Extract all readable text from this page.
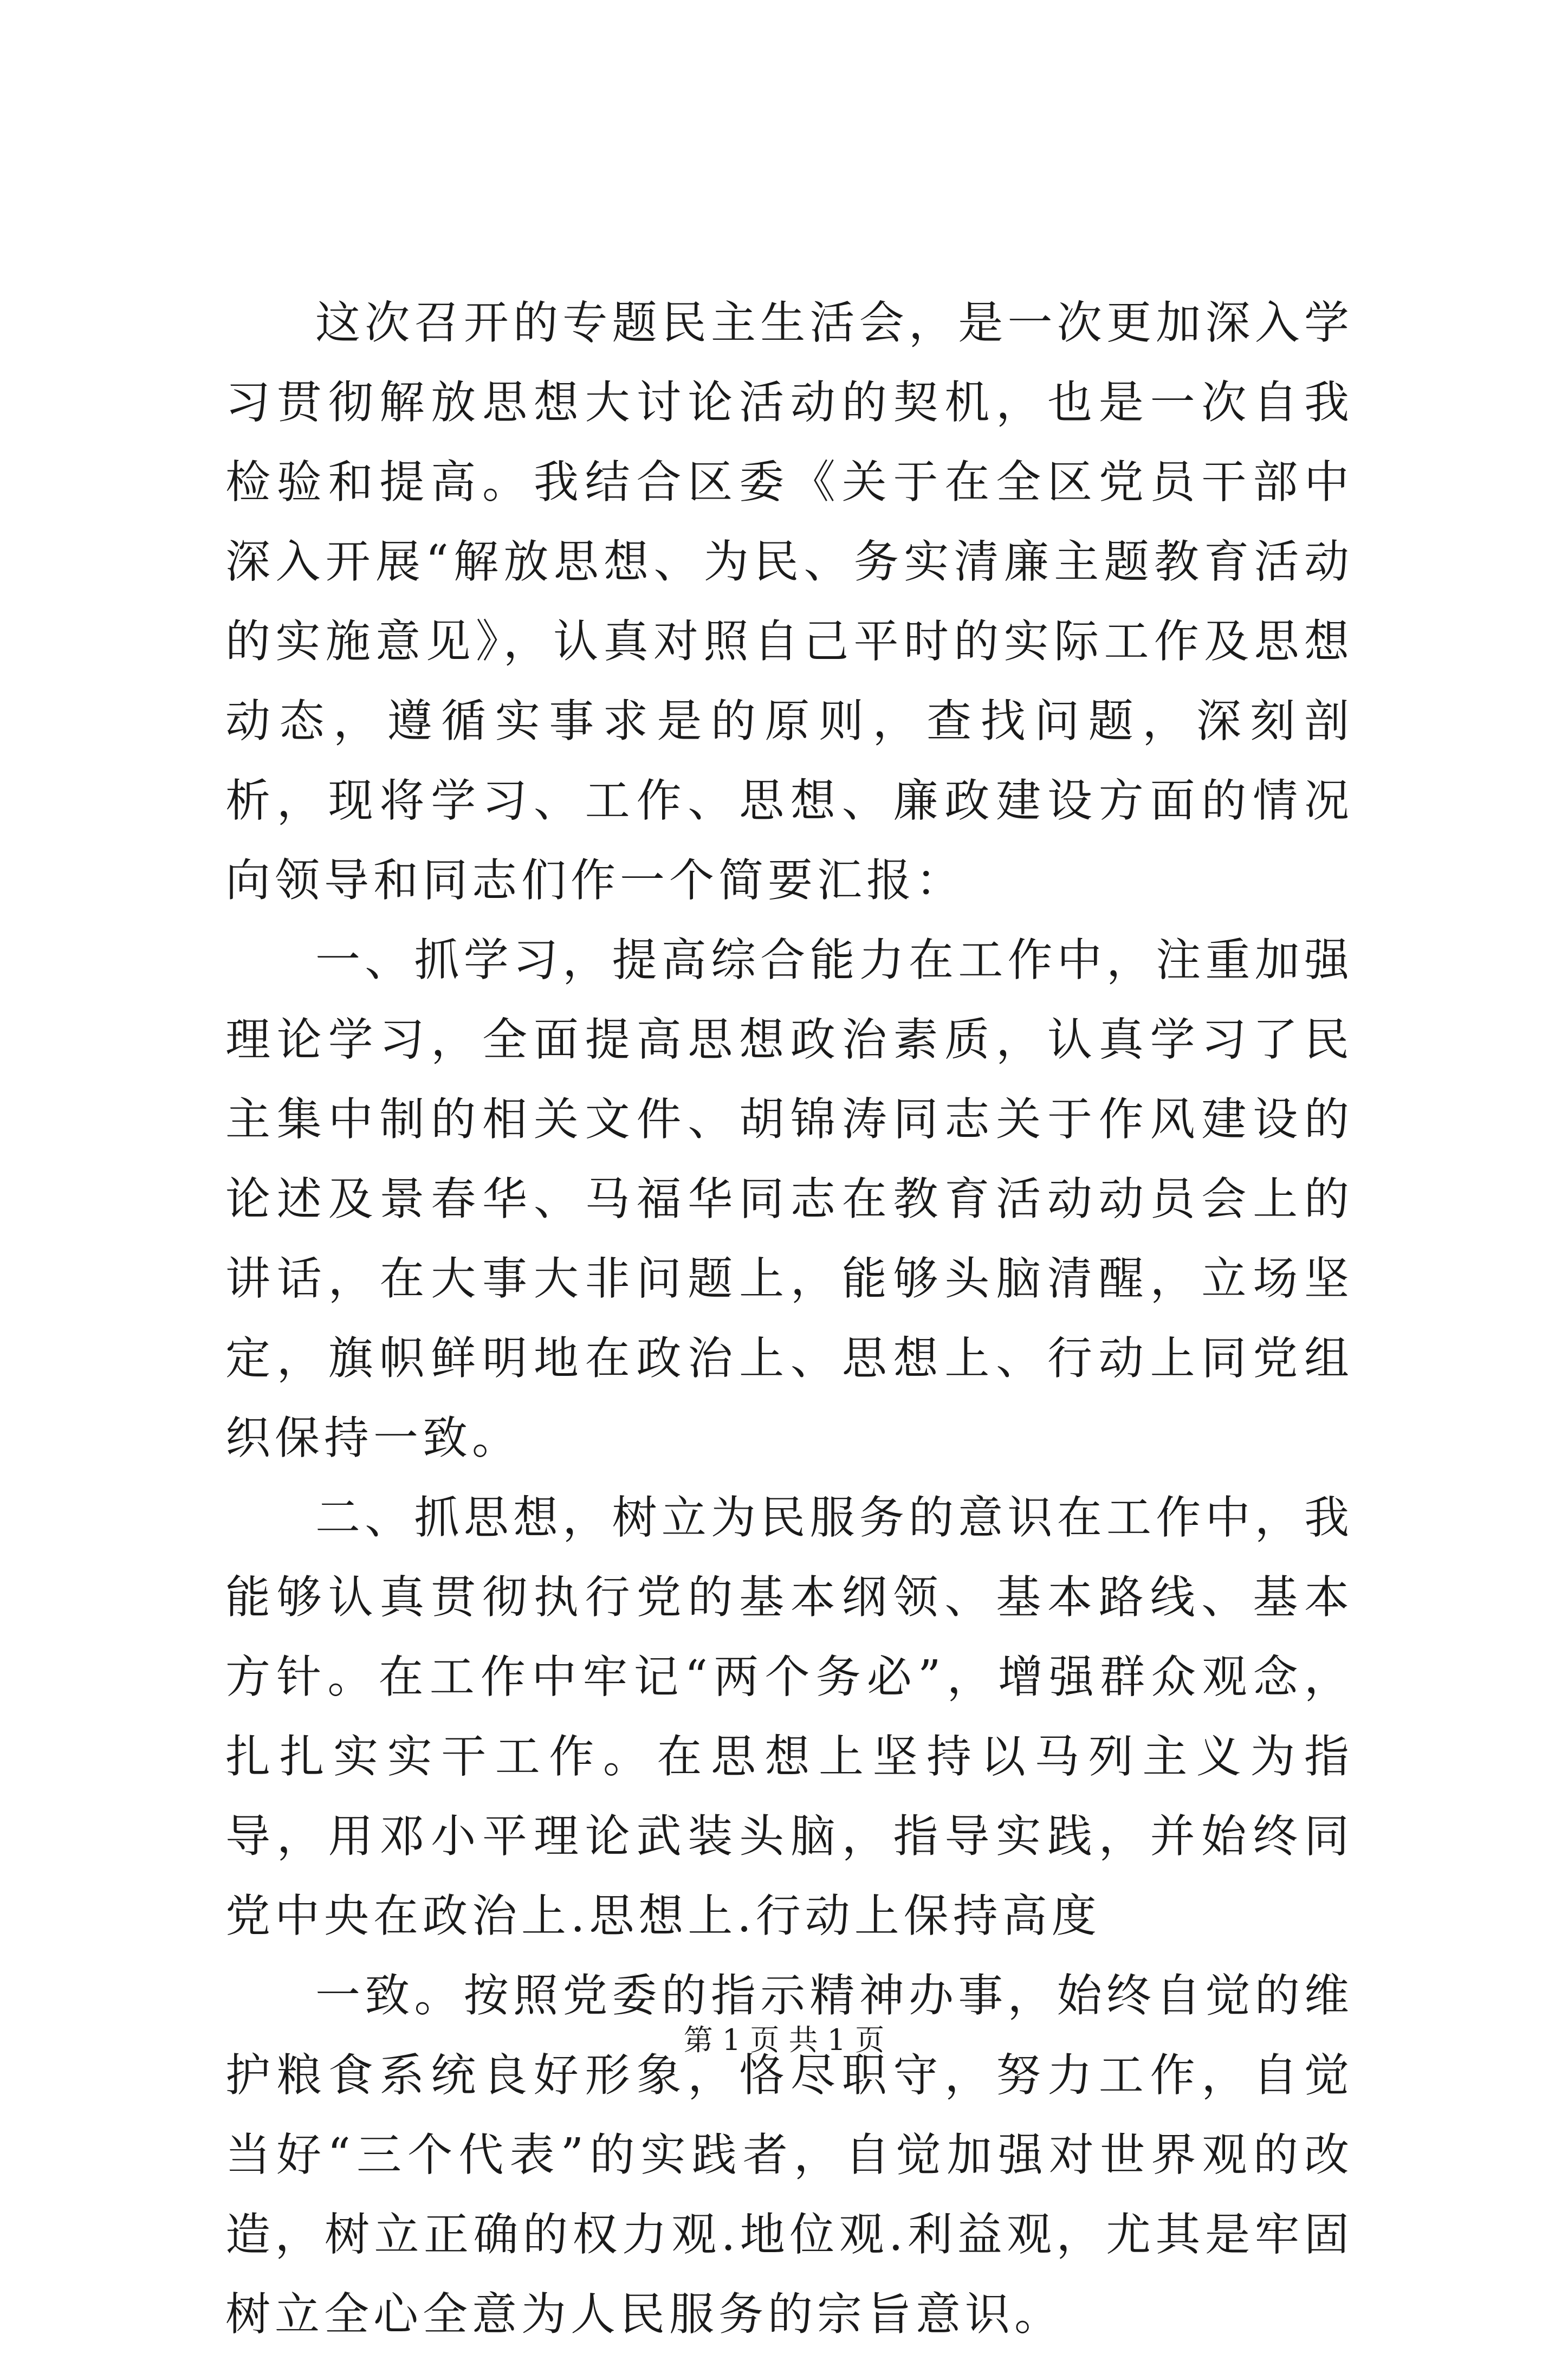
这次召开的专题民主生活会，是一次更加深入学习贯彻解放思想大讨论活动的契机，也是一次自我检验和提高。我结合区委《关于在全区党员干部中深入开展“解放思想、为民、务实清廉主题教育活动的实施意见》，认真对照自己平时的实际工作及思想动态，遵循实事求是的原则，查找问题，深刻剖析，现将学习、工作、思想、廉政建设方面的情况向领导和同志们作一个简要汇报：

一、抓学习，提高综合能力在工作中，注重加强理论学习，全面提高思想政治素质，认真学习了民主集中制的相关文件、胡锦涛同志关于作风建设的论述及景春华、马福华同志在教育活动动员会上的讲话，在大事大非问题上，能够头脑清醒，立场坚定，旗帜鲜明地在政治上、思想上、行动上同党组织保持一致。

二、抓思想，树立为民服务的意识在工作中，我能够认真贯彻执行党的基本纲领、基本路线、基本方针。在工作中牢记“两个务必”，增强群众观念，扎扎实实干工作。在思想上坚持以马列主义为指导，用邓小平理论武装头脑，指导实践，并始终同党中央在政治上.思想上.行动上保持高度

一致。按照党委的指示精神办事，始终自觉的维护粮食系统良好形象，恪尽职守，努力工作，自觉当好“三个代表”的实践者，自觉加强对世界观的改造，树立正确的权力观.地位观.利益观，尤其是牢固树立全心全意为人民服务的宗旨意识。

第 1 页 共 1 页
